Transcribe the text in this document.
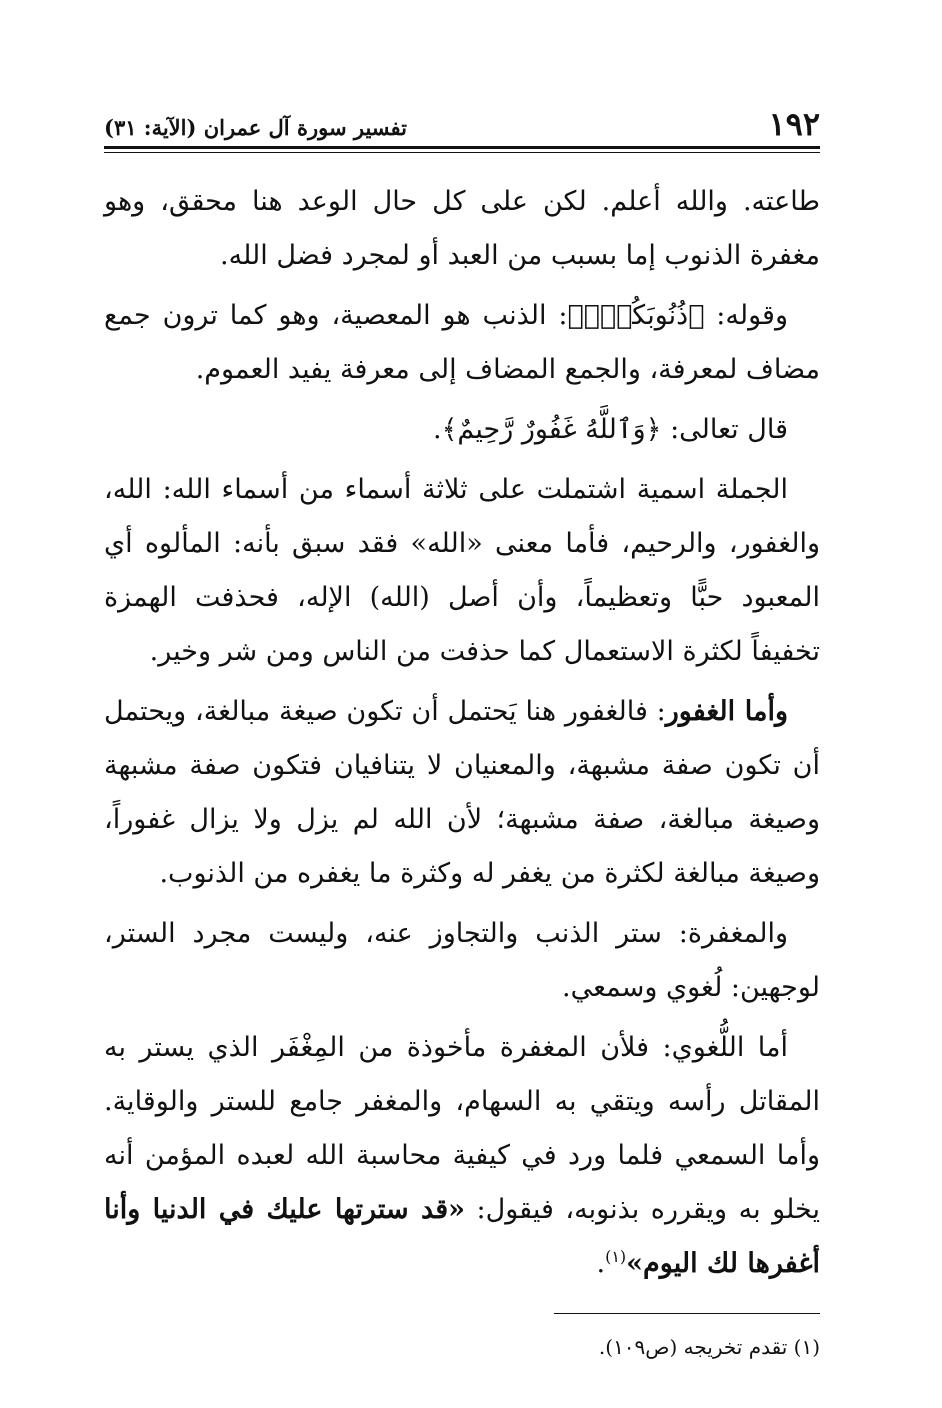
١٩٢
تفسير سورة آل عمران (الآية: ٣١)

طاعته. والله أعلم. لكن على كل حال الوعد هنا محقق، وهو مغفرة الذنوب إما بسبب من العبد أو لمجرد فضل الله.

وقوله: ﴿ذُنُوبَكُمْۗ﴾: الذنب هو المعصية، وهو كما ترون جمع مضاف لمعرفة، والجمع المضاف إلى معرفة يفيد العموم.

قال تعالى: ﴿وَٱللَّهُ غَفُورٌ رَّحِيمٌ﴾.

الجملة اسمية اشتملت على ثلاثة أسماء من أسماء الله: الله، والغفور، والرحيم، فأما معنى «الله» فقد سبق بأنه: المألوه أي المعبود حبًّا وتعظيماً، وأن أصل (الله) الإله، فحذفت الهمزة تخفيفاً لكثرة الاستعمال كما حذفت من الناس ومن شر وخير.

وأما الغفور: فالغفور هنا يَحتمل أن تكون صيغة مبالغة، ويحتمل أن تكون صفة مشبهة، والمعنيان لا يتنافيان فتكون صفة مشبهة وصيغة مبالغة، صفة مشبهة؛ لأن الله لم يزل ولا يزال غفوراً، وصيغة مبالغة لكثرة من يغفر له وكثرة ما يغفره من الذنوب.

والمغفرة: ستر الذنب والتجاوز عنه، وليست مجرد الستر، لوجهين: لُغوي وسمعي.

أما اللُّغوي: فلأن المغفرة مأخوذة من المِغْفَر الذي يستر به المقاتل رأسه ويتقي به السهام، والمغفر جامع للستر والوقاية. وأما السمعي فلما ورد في كيفية محاسبة الله لعبده المؤمن أنه يخلو به ويقرره بذنوبه، فيقول: «قد سترتها عليك في الدنيا وأنا أغفرها لك اليوم»$^{(١)}$.

(١) تقدم تخريجه (ص١٠٩).
